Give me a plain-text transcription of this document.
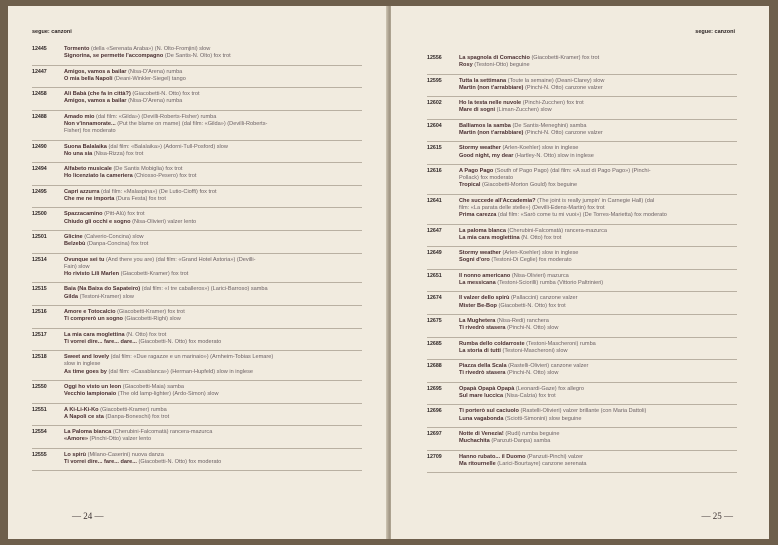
segue: canzoni
— 24 —
12445	Tormento (della «Serenata Araba») (N. Olto-Fromjini) slow
Signorina, se permette l'accompagno (De Santis-N. Olto) fox trot
12447	Amigos, vamos a bailar (Nisa-D'Arena) rumba
O mia bella Napoli (Deani-Winkler-Siegel) tango
12458	Ali Babà (che fa in città?) (Giacobetti-N. Otto) fox trot
Amigos, vamos a bailar (Nisa-D'Arena) rumba
12488	Amado mio (dal film: «Gilda») (Devilli-Roberts-Fisher) rumba
Non v'innamorate... (Put the blame on mame) (dal film: «Gilda») (Devilli-Roberts-
Fisher) fox moderato
12490	Suona Balalaika (dal film: «Balalaika») (Adorni-Tull-Posford) slow
No una sia (Nisa-Rizza) fox trot
12494	Alfabeto musicale (De Santis Mobiglia) fox trot
Ho licenziato la cameriera (Chiosso-Pesero) fox trot
12495	Capri azzurra (dal film: «Malaspina») (De Lutio-Cioffi) fox trot
Che me ne importa (Dura Festa) fox trot
12500	Spazzacamino (Pitt-Alù) fox trot
Chiudo gli occhi e sogno (Nisa-Olivieri) valzer lento
12501	Glicine (Calverio-Concina) slow
Belzebù (Danpa-Concina) fox trot
12514	Ovunque sei tu (And there you are) (dal film: «Grand Hotel Astoria») (Devilli-
Fain) slow
Ho rivisto Lili Marlen (Giacobetti-Kramer) fox trot
12515	Baia (Na Baixa do Sapateiro) (dal film: «I tre caballeros») (Larici-Barroso) samba
Gilda (Testoni-Kramer) slow
12516	Amore e Totocalcio (Giacobetti-Kramer) fox trot
Ti comprerò un sogno (Giacobetti-Righi) slow
12517	La mia cara moglettina (N. Otto) fox trot
Ti vorrei dire... fare... dare... (Giacobetti-N. Otto) fox moderato
12518	Sweet and lovely (dal film: «Due ragazze e un marinaio») (Arnheim-Tobias Lemare)
slow in inglese
As time goes by (dal film: «Casablanca») (Herman-Hupfeld) slow in inglese
12550	Oggi ho visto un leon (Giacobetti-Maia) samba
Vecchio lampionaio (The old lamp-lighter) (Ardo-Simon) slow
12551	A Ki-Li-Ki-Ko (Giacobetti-Kramer) rumba
A Napoli ce sta (Danpa-Boneschi) fox trot
12554	La Paloma bianca (Cherubini-Falcomatà) rancera-mazurca
«Amore» (Pinchi-Otto) valzer lento
12555	Lo spirù (Milano-Caserini) nuova danza
Ti vorrei dire... fare... dare... (Giacobetti-N. Otto) fox moderato
segue: canzoni
— 25 —
12556	La spagnola di Comacchio (Giacobetti-Kramer) fox trot
Rosy (Testoni-Otto) beguine
12595	Tutta la settimana (Toute la semaine) (Deani-Clarey) slow
Martin (non t'arrabbiare) (Pinchi-N. Otto) canzone valzer
12602	Ho la testa nelle nuvole (Pinchi-Zucchen) fox trot
Mare di sogni (Liman-Zucchen) slow
12604	Balliamos la samba (De Santis-Meneghini) samba
Martin (non t'arrabbiare) (Pinchi-N. Otto) canzone valzer
12615	Stormy weather (Arlen-Koehler) slow in inglese
Good night, my dear (Hartley-N. Otto) slow in inglese
12616	A Pago Pago (South of Pago Pago) (dal film: «A sud di Pago Pago») (Pinchi-
Pollack) fox moderato
Tropical (Giacobetti-Morton Gould) fox beguine
12641	Che succede all'Accademia? (The joint is really jumpin' in Carnegie Hall) (dal
film: «La parata delle stelle») (Devilli-Edens-Martin) fox trot
Prima carezza (dal film: «Sarò come tu mi vuoi») (De Torres-Marietta) fox moderato
12647	La paloma blanca (Cherubini-Falcomatà) rancera-mazurca
La mia cara moglettina (N. Otto) fox trot
12649	Stormy weather (Arlen-Koehler) slow in inglese
Sogni d'oro (Testoni-Di Ceglie) fox moderato
12651	Il nonno americano (Nisa-Olivieri) mazurca
La messicana (Testoni-Sciorilli) rumba (Vittorio Paltrinieri)
12674	Il valzer dello spirù (Pallaccini) canzone valzer
Mister Be-Bop (Giacobetti-N. Otto) fox trot
12675	La Mughetera (Nisa-Redi) ranchera
Ti rivedrò stasera (Pinchi-N. Otto) slow
12685	Rumba dello coldarroste (Testoni-Mascheroni) rumba
La storia di tutti (Testoni-Mascheroni) slow
12688	Piazza della Scala (Rastelli-Olivieri) canzone valzer
Ti rivedrò stasera (Pinchi-N. Otto) slow
12695	Opapà Opapà Opapà (Leonardi-Gaze) fox allegro
Sul mare luccica (Nisa-Calzia) fox trot
12696	Ti porterò sul caciuolo (Rastelli-Olivieri) valzer brillante (con Maria Dattoli)
Luna vagabonda (Sciotti-Simonini) slow beguine
12697	Notte di Venezia! (Rudi) rumba beguine
Muchachita (Panzuti-Danpa) samba
12709	Hanno rubato... il Duomo (Panzuti-Pinchi) valzer
Ma ritournelle (Larici-Bourtayre) canzone serenata
